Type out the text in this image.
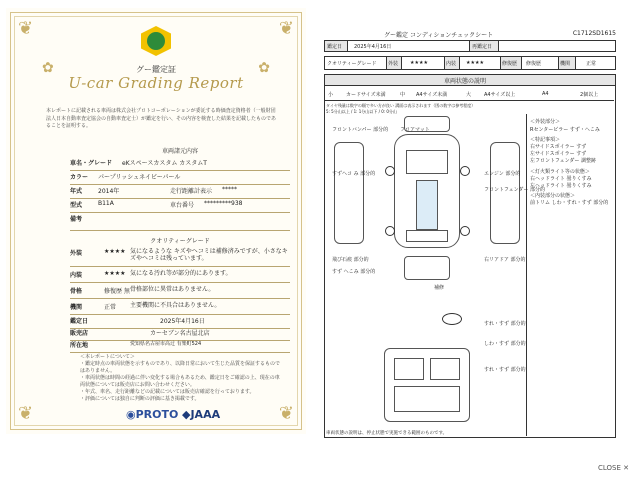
❦	❦
❦	❦
✿	✿
グー鑑定証
U-car Grading Report
本レポートに記載される車両は株式会社プロトコーポレーションが委託する時価査定資格者（一般財団法人日本自動車査定協会の自動車査定士）が鑑定を行い、その内容を検査した結果を記載したものであることを証明する。
車両諸元内容
車名・グレード eKスペースカスタム カスタムT
カラー パープリッシュネイビーパール
年式	2014年	走行距離計表示 *****
型式	B11A	車台番号 *********938
備考
クオリティーグレード
外装	★★★★ 気になるような キズやヘコミは補修済みですが、小さなキズやヘコミは残っています。
内装	★★★★ 気になる汚れ等が部分的にあります。
骨格	修復歴 無 骨格部位に異常はありません。
機関	正常 主要機関に不具合はありません。
鑑定日	2025年4月16日
販売店	カーセブン名古屋北店
所在地	愛知県名古屋市高辻 有楽町524
＜本レポートについて＞
・鑑定時点の車両状態を示すものであり、以降日常において生じた品質を保証するものではありません。
・車両状態は時間の経過に伴い変化する場合もあるため、鑑定日をご確認の上、現在の車両状態については販売店にお問い合わせください。
・年式、車名、走行距離などの記載については販売店確認を行っております。
・評価については独自に判断の評価に基き掲載です。
◉PROTO ◆JAAA
グー鑑定 コンディションチェックシート	C1712SD1615
鑑定日 2025年4月16日	再鑑定日
クオリティーグレード 外装 ★★★★	内装 ★★★★	修復歴 修復歴	機関	正常
車両状態の説明
小	カードサイズ未満	中 A4サイズ未満	大	A4サイズ以上	A4	2個以上
タイヤ残量は数字の順で多い方が良い 溝面は表示されます（図の数字は参考程度）
5: 5分山以上 / 1: 1分山以下 / 0: 0分山
＜外装部分＞
Rセンターピラー すず・へこみ
＜特記事項＞
右サイドスポイラー すず
左サイドスポイラー すず
左フロントフェンダー 調整跡
＜灯火類ライト等の状態＞
右ヘッドライト 曇りくすみ
左ヘッドライト 曇りくすみ
＜内装部分の状態＞
前トリム しわ・すれ・すず 部分的
フロントバンパー 部分的 フロアマット
すずへコ み 部分的	エンジン 部分的
フロントフェンダー 部分的
右リアドア 部分的
すず へこみ 部分的
飛び石痕 部分的
補修
すれ・すず 部分的
しわ・すず 部分的
すれ・すず 部分的
車両状態の説明は、停止状態で実施できる範囲のものです。
CLOSE ✕
